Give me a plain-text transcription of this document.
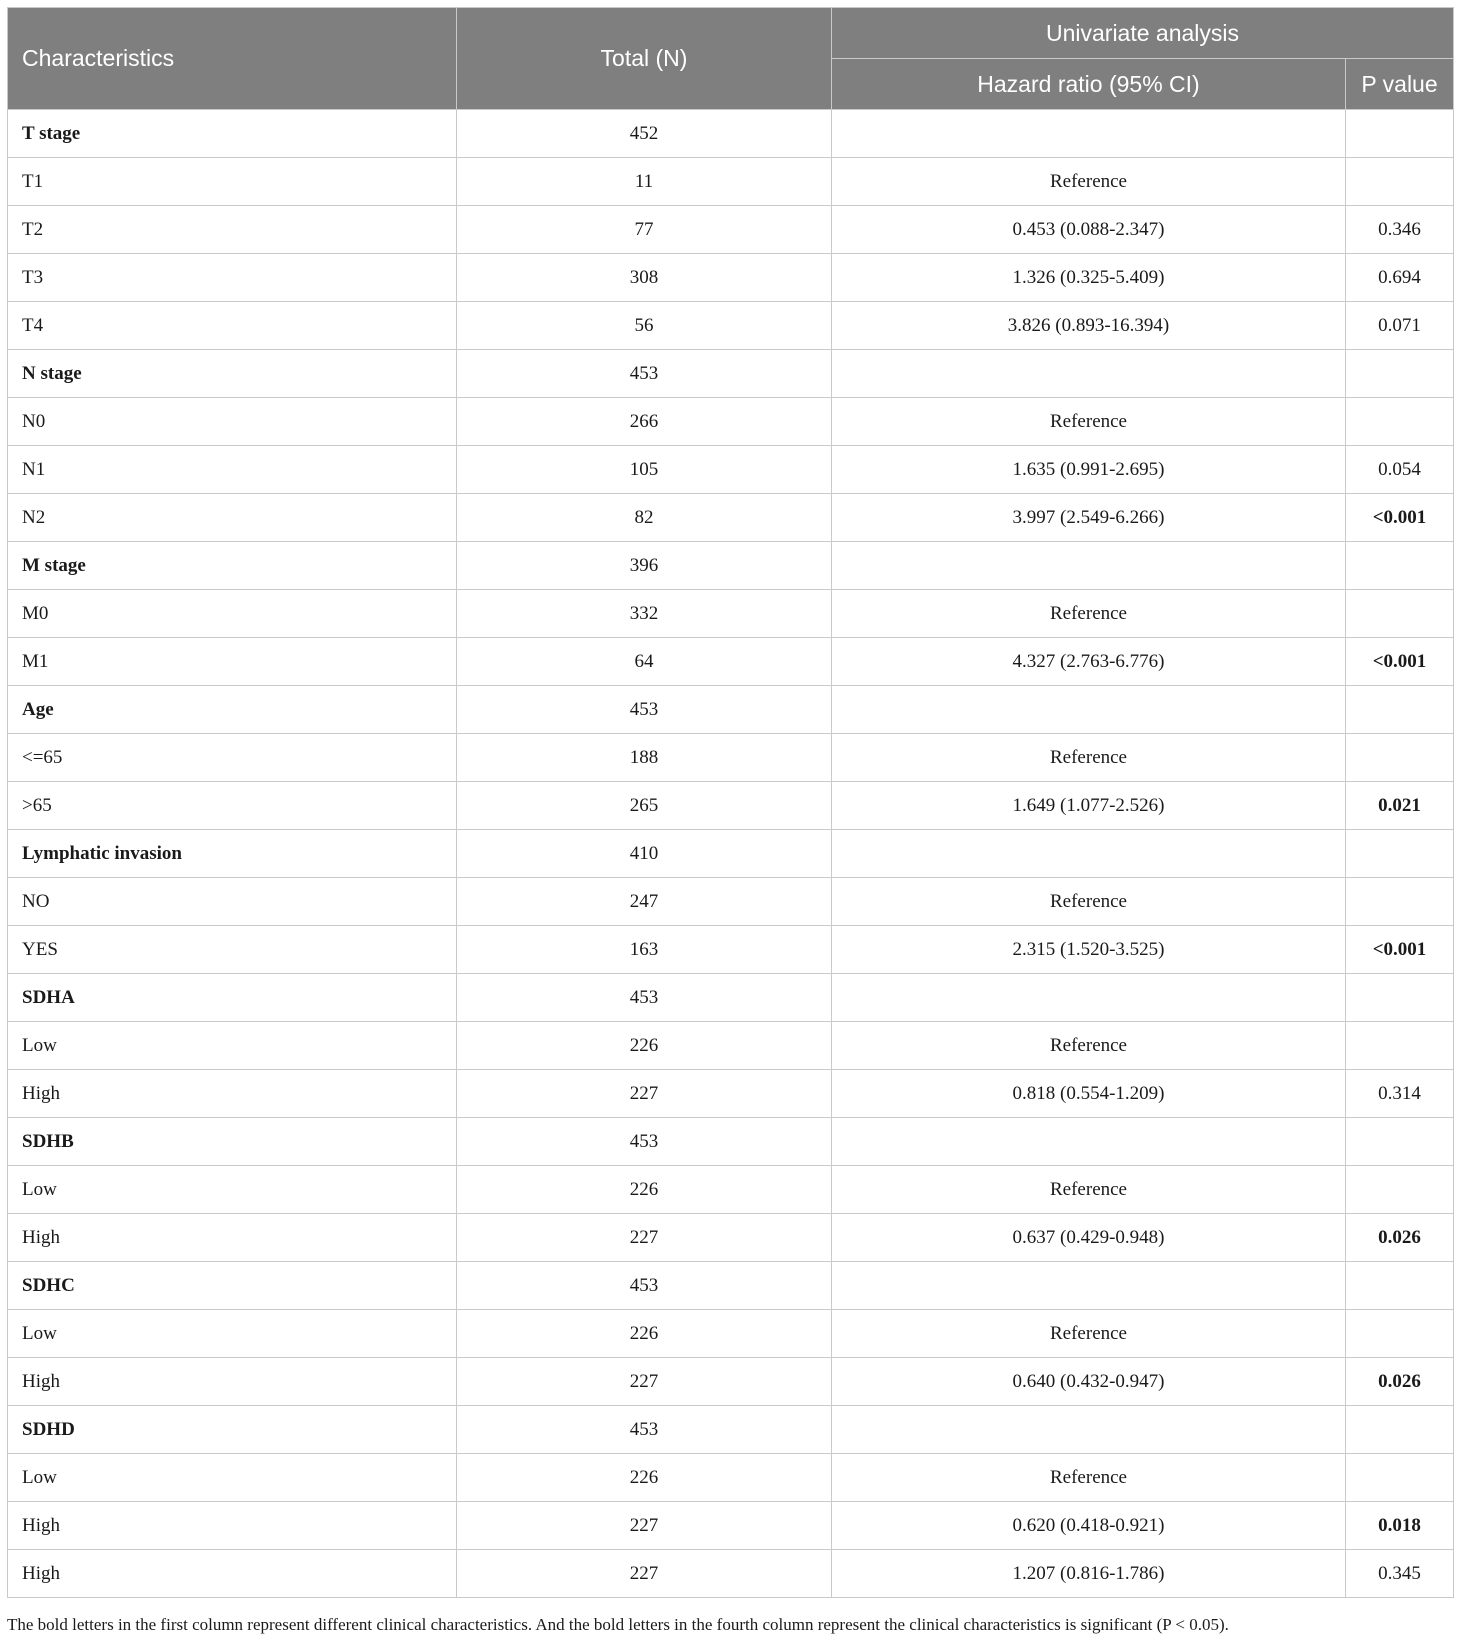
Characteristics	Total (N)	Univariate analysis	
		Hazard ratio (95% CI)	P value
T stage	452		
T1	11	Reference	
T2	77	0.453 (0.088-2.347)	0.346
T3	308	1.326 (0.325-5.409)	0.694
T4	56	3.826 (0.893-16.394)	0.071
N stage	453		
N0	266	Reference	
N1	105	1.635 (0.991-2.695)	0.054
N2	82	3.997 (2.549-6.266)	<0.001
M stage	396		
M0	332	Reference	
M1	64	4.327 (2.763-6.776)	<0.001
Age	453		
<=65	188	Reference	
>65	265	1.649 (1.077-2.526)	0.021
Lymphatic invasion	410		
NO	247	Reference	
YES	163	2.315 (1.520-3.525)	<0.001
SDHA	453		
Low	226	Reference	
High	227	0.818 (0.554-1.209)	0.314
SDHB	453		
Low	226	Reference	
High	227	0.637 (0.429-0.948)	0.026
SDHC	453		
Low	226	Reference	
High	227	0.640 (0.432-0.947)	0.026
SDHD	453		
Low	226	Reference	
High	227	0.620 (0.418-0.921)	0.018
High	227	1.207 (0.816-1.786)	0.345
The bold letters in the first column represent different clinical characteristics. And the bold letters in the fourth column represent the clinical characteristics is significant (P < 0.05).
